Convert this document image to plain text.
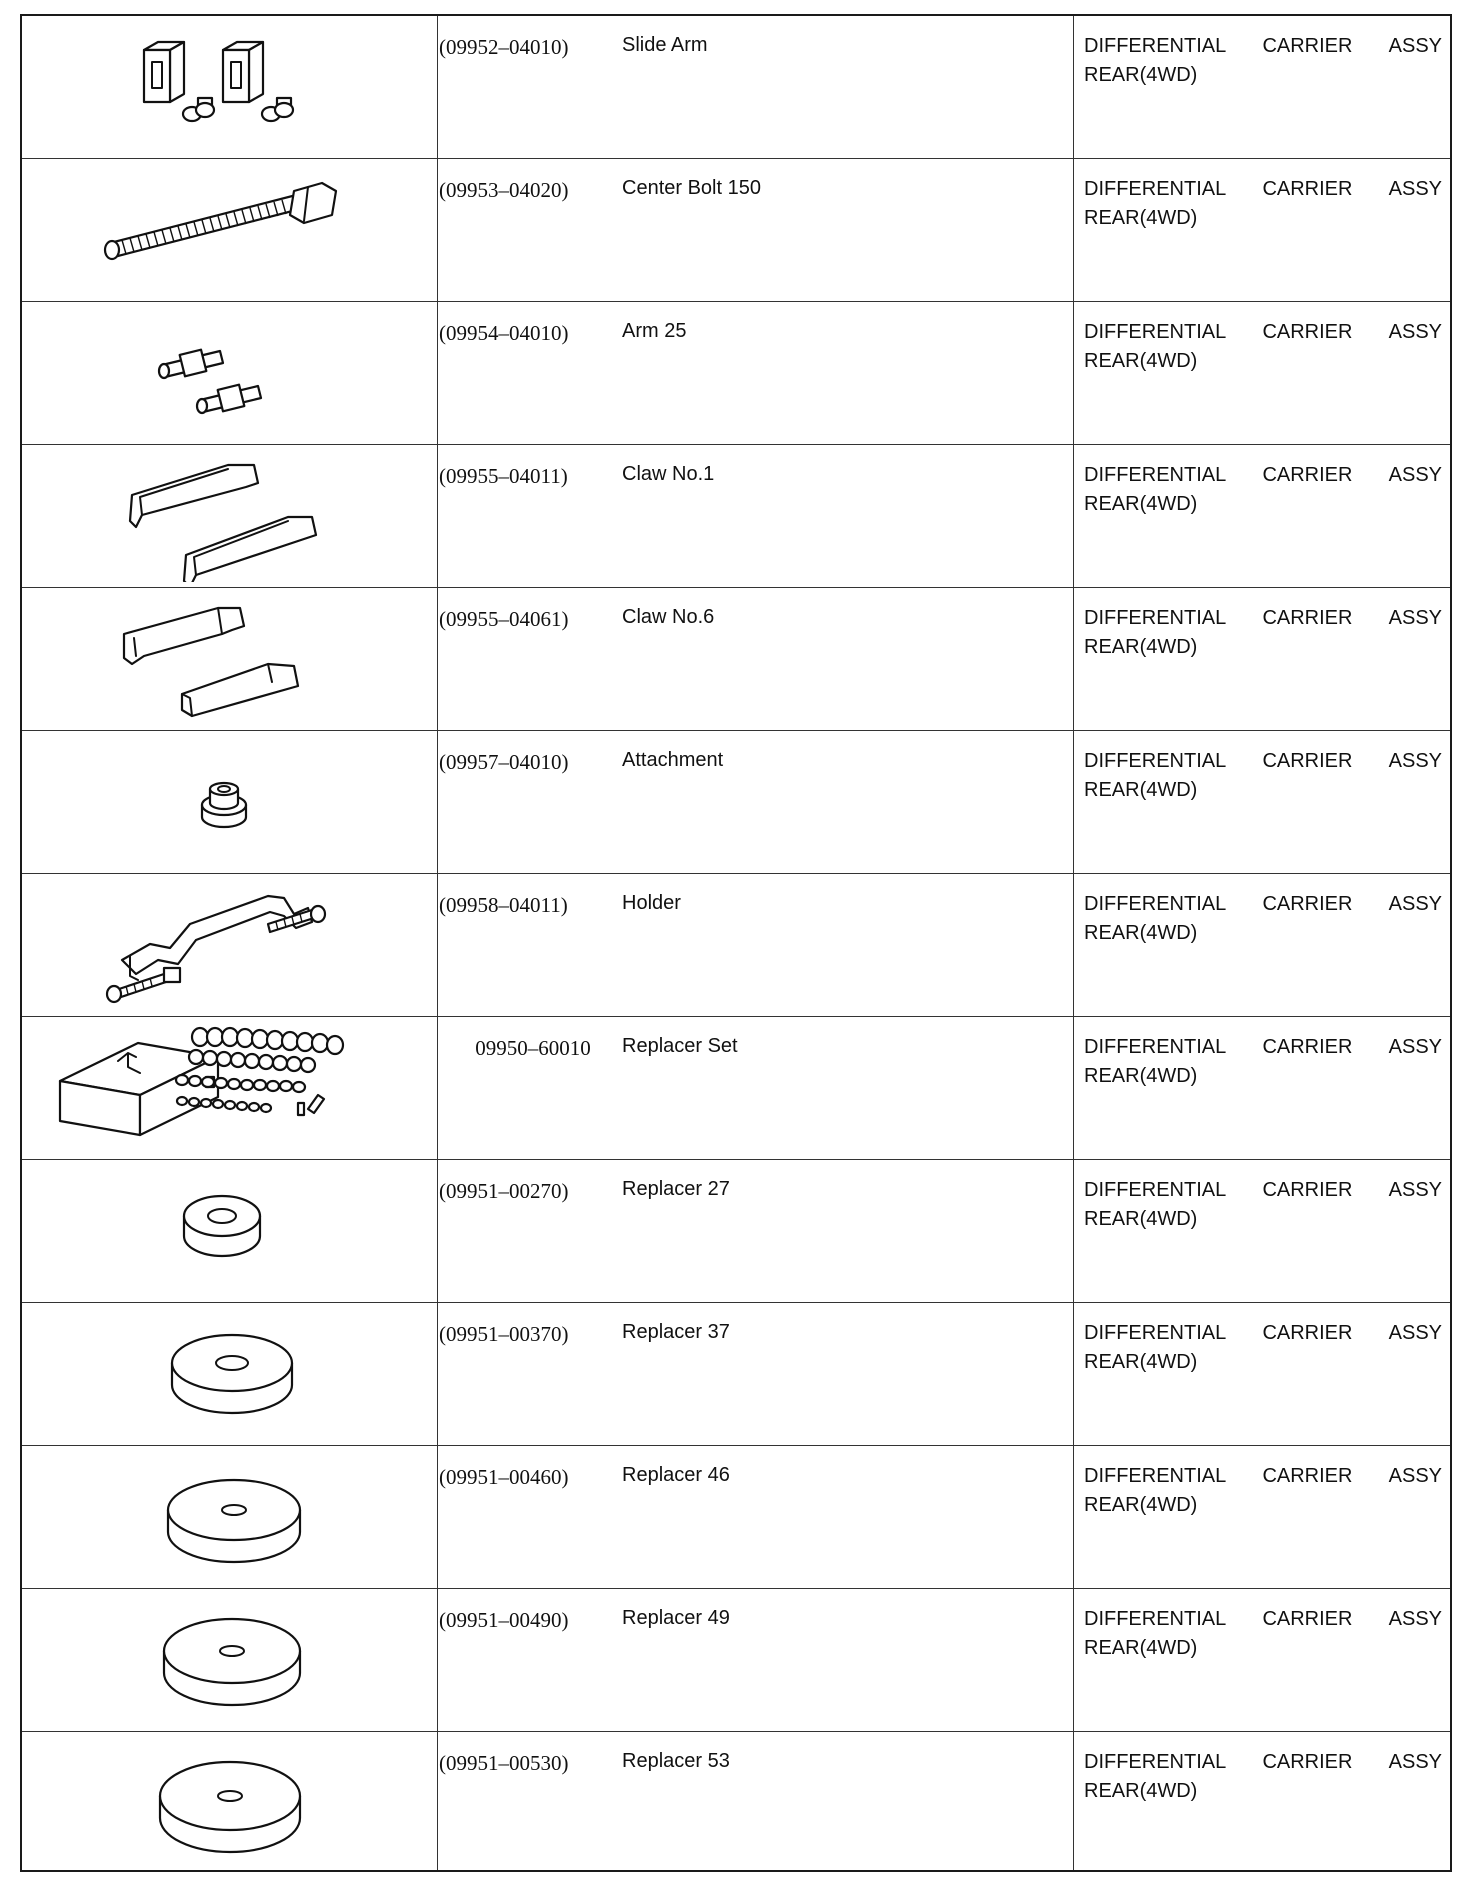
(09952–04010)	Slide Arm	DIFFERENTIAL CARRIER ASSY
REAR(4WD)
(09953–04020)	Center Bolt 150	DIFFERENTIAL CARRIER ASSY
REAR(4WD)
(09954–04010)	Arm 25	DIFFERENTIAL CARRIER ASSY
REAR(4WD)
(09955–04011)	Claw No.1	DIFFERENTIAL CARRIER ASSY
REAR(4WD)
(09955–04061)	Claw No.6	DIFFERENTIAL CARRIER ASSY
REAR(4WD)
(09957–04010)	Attachment	DIFFERENTIAL CARRIER ASSY
REAR(4WD)
(09958–04011)	Holder	DIFFERENTIAL CARRIER ASSY
REAR(4WD)
09950–60010	Replacer Set	DIFFERENTIAL CARRIER ASSY
REAR(4WD)
(09951–00270)	Replacer 27	DIFFERENTIAL CARRIER ASSY
REAR(4WD)
(09951–00370)	Replacer 37	DIFFERENTIAL CARRIER ASSY
REAR(4WD)
(09951–00460)	Replacer 46	DIFFERENTIAL CARRIER ASSY
REAR(4WD)
(09951–00490)	Replacer 49	DIFFERENTIAL CARRIER ASSY
REAR(4WD)
(09951–00530)	Replacer 53	DIFFERENTIAL CARRIER ASSY
REAR(4WD)
